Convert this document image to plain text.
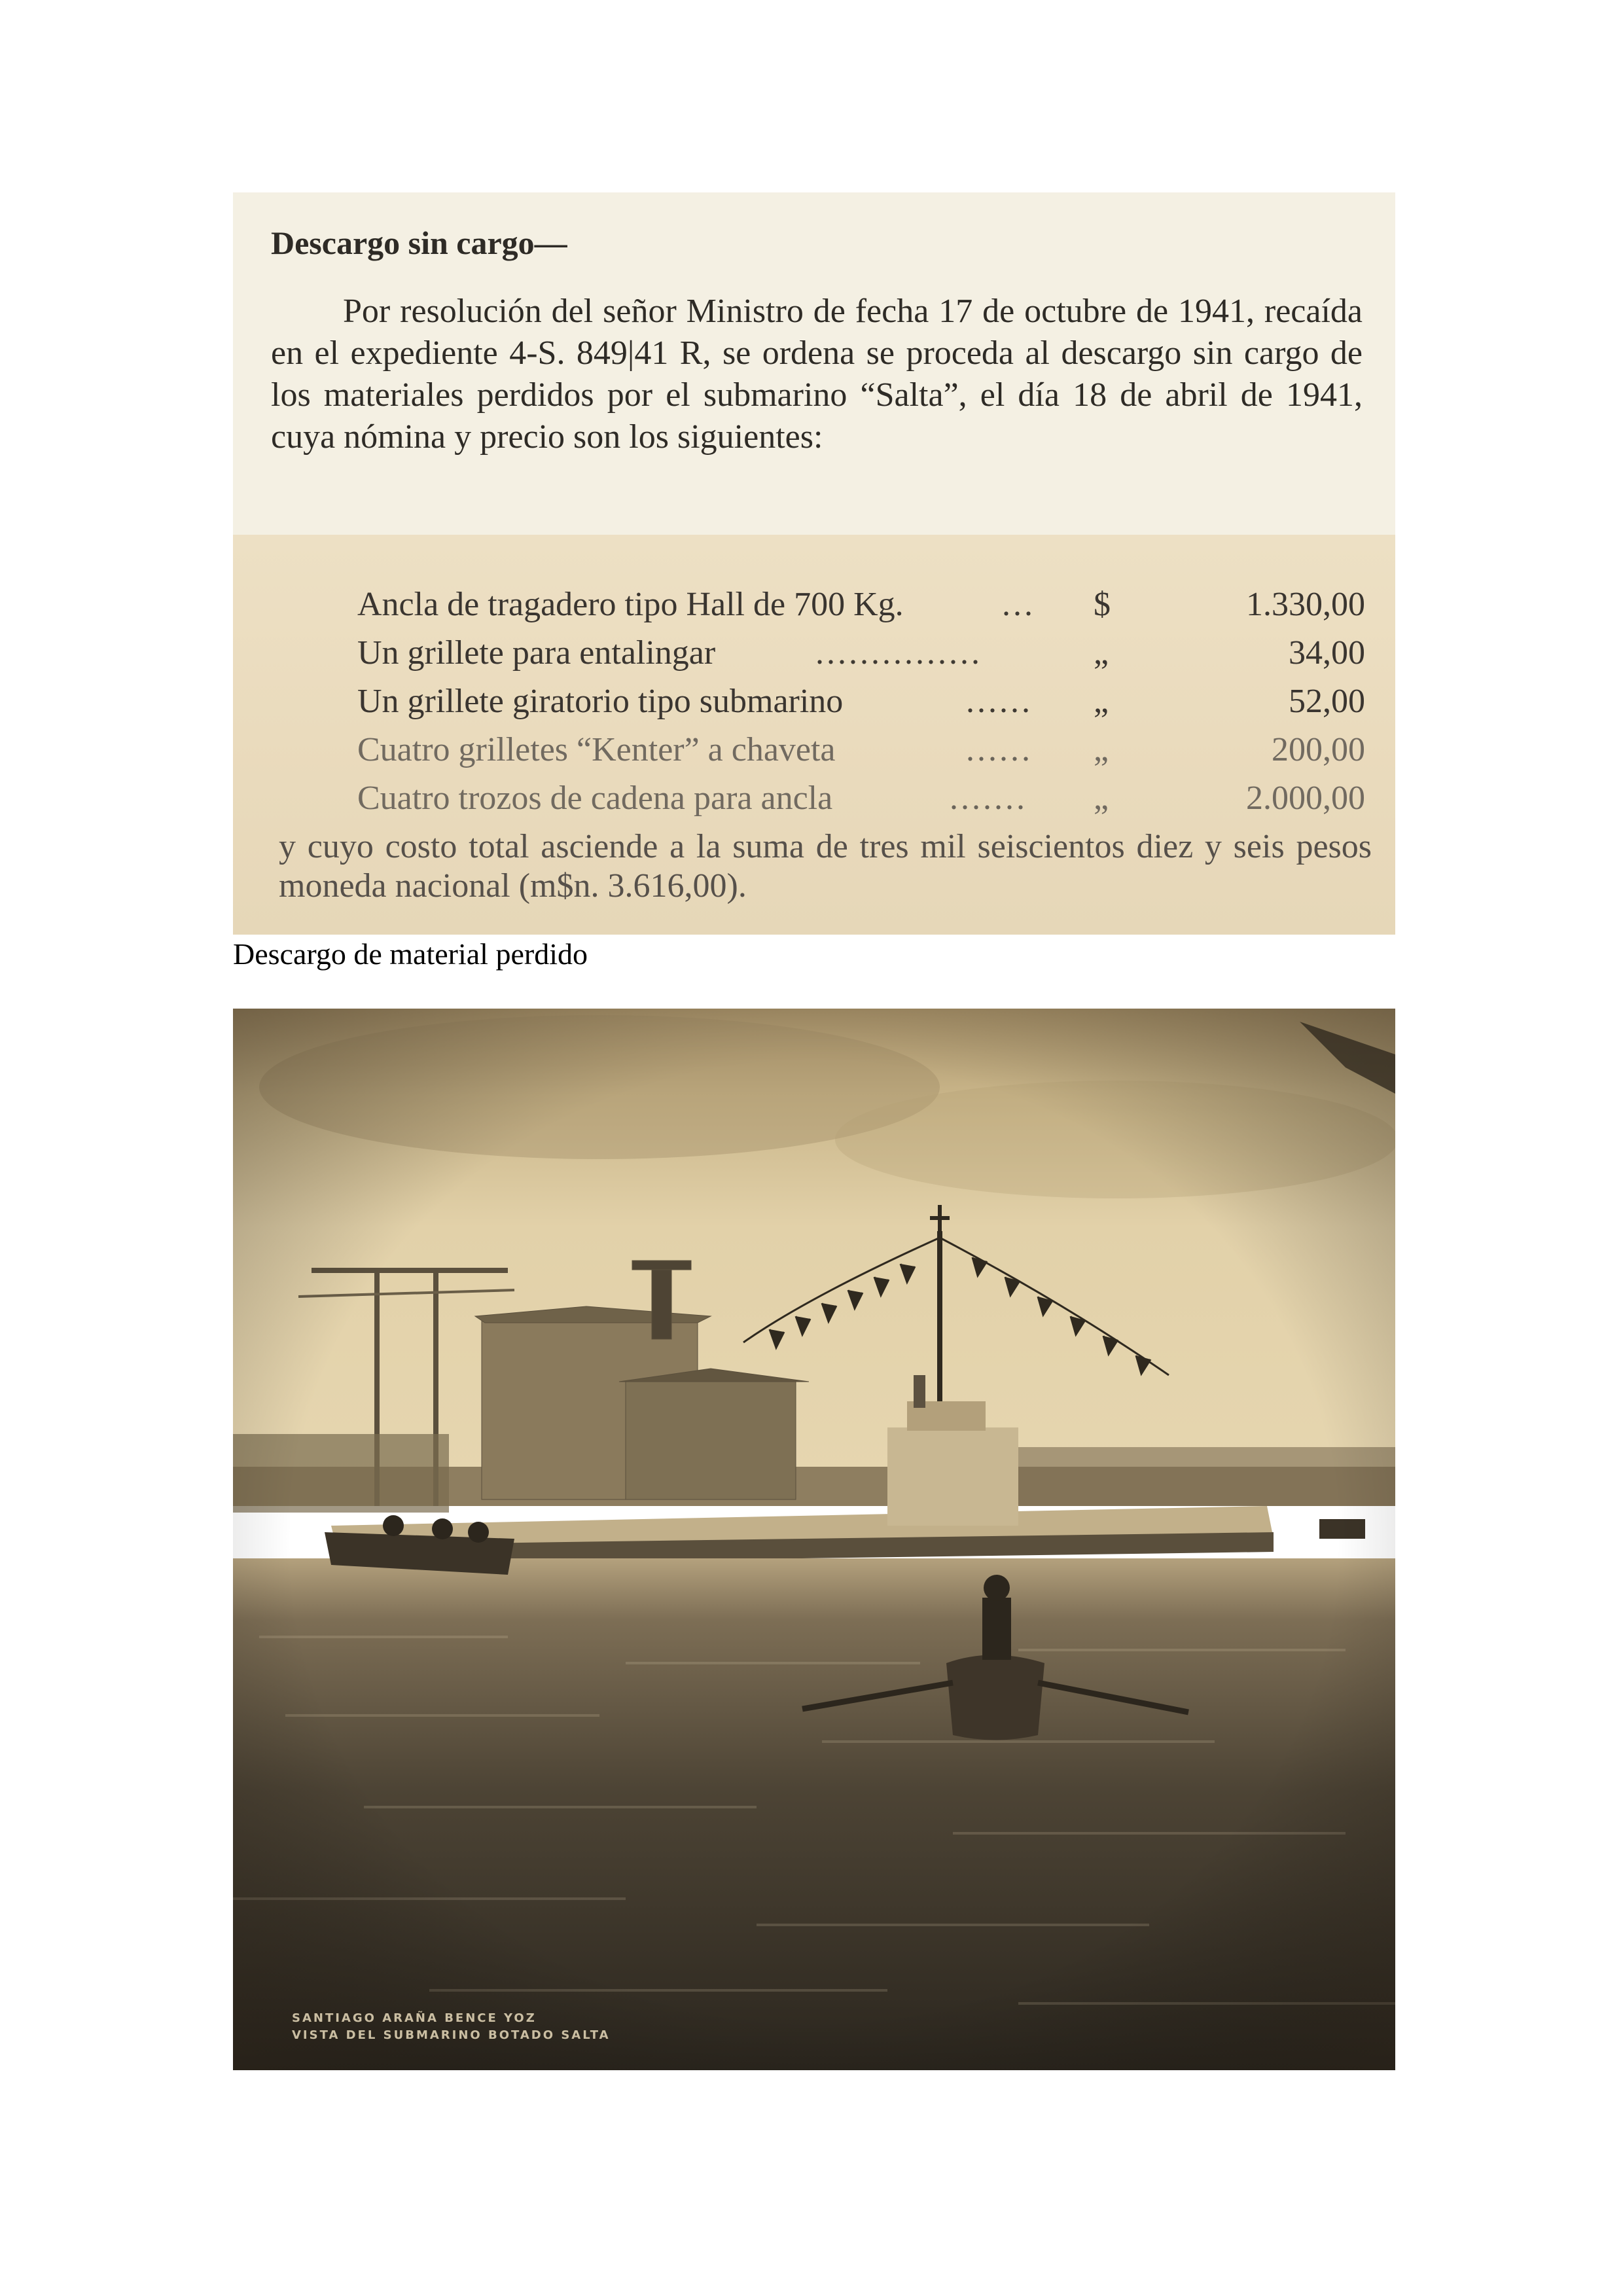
Descargo sin cargo—

Por resolución del señor Ministro de fecha 17 de octubre de 1941, recaída en el expediente 4-S. 849|41 R, se ordena se proceda al descargo sin cargo de los materiales perdidos por el submarino “Salta”, el día 18 de abril de 1941, cuya nómina y precio son los siguientes:

Ancla de tragadero tipo Hall de 700 Kg.	... $	1.330,00
Un grillete para entalingar	...............	„	34,00
Un grillete giratorio tipo submarino	...... „	52,00
Cuatro grilletes “Kenter” a chaveta	...... „	200,00
Cuatro trozos de cadena para ancla	....... „	2.000,00

y cuyo costo total asciende a la suma de tres mil seiscientos diez y seis pesos moneda nacional (m$n. 3.616,00).

Descargo de material perdido
SANTIAGO ARAÑA BENCE YOZ
VISTA DEL SUBMARINO BOTADO SALTA
